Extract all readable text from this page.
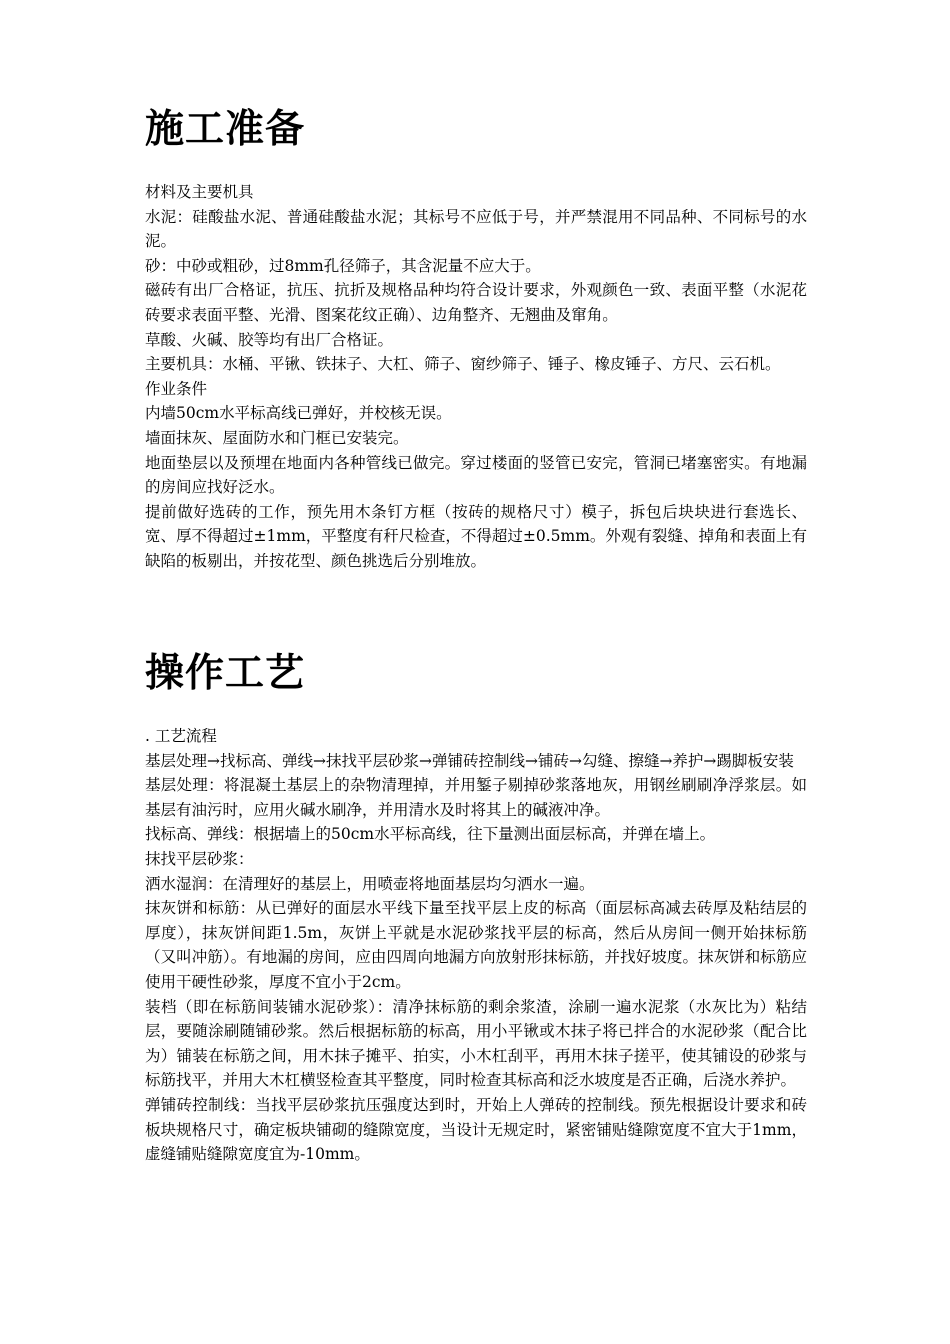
施工准备

材料及主要机具

水泥：硅酸盐水泥、普通硅酸盐水泥；其标号不应低于号，并严禁混用不同品种、不同标号的水泥。

砂：中砂或粗砂，过8mm孔径筛子，其含泥量不应大于。

磁砖有出厂合格证，抗压、抗折及规格品种均符合设计要求，外观颜色一致、表面平整（水泥花砖要求表面平整、光滑、图案花纹正确）、边角整齐、无翘曲及窜角。

草酸、火碱、胶等均有出厂合格证。

主要机具：水桶、平锹、铁抹子、大杠、筛子、窗纱筛子、锤子、橡皮锤子、方尺、云石机。

作业条件

内墙50cm水平标高线已弹好，并校核无误。

墙面抹灰、屋面防水和门框已安装完。

地面垫层以及预埋在地面内各种管线已做完。穿过楼面的竖管已安完，管洞已堵塞密实。有地漏的房间应找好泛水。

提前做好选砖的工作，预先用木条钉方框（按砖的规格尺寸）模子，拆包后块块进行套选长、宽、厚不得超过±1mm，平整度有秆尺检查，不得超过±0.5mm。外观有裂缝、掉角和表面上有缺陷的板剔出，并按花型、颜色挑选后分别堆放。

操作工艺

. 工艺流程

基层处理→找标高、弹线→抹找平层砂浆→弹铺砖控制线→铺砖→勾缝、擦缝→养护→踢脚板安装

基层处理：将混凝土基层上的杂物清理掉，并用錾子剔掉砂浆落地灰，用钢丝刷刷净浮浆层。如基层有油污时，应用火碱水刷净，并用清水及时将其上的碱液冲净。

找标高、弹线：根据墙上的50cm水平标高线，往下量测出面层标高，并弹在墙上。

抹找平层砂浆：

洒水湿润：在清理好的基层上，用喷壶将地面基层均匀洒水一遍。

抹灰饼和标筋：从已弹好的面层水平线下量至找平层上皮的标高（面层标高减去砖厚及粘结层的厚度），抹灰饼间距1.5m，灰饼上平就是水泥砂浆找平层的标高，然后从房间一侧开始抹标筋（又叫冲筋）。有地漏的房间，应由四周向地漏方向放射形抹标筋，并找好坡度。抹灰饼和标筋应使用干硬性砂浆，厚度不宜小于2cm。

装档（即在标筋间装铺水泥砂浆）：清净抹标筋的剩余浆渣，涂刷一遍水泥浆（水灰比为）粘结层，要随涂刷随铺砂浆。然后根据标筋的标高，用小平锹或木抹子将已拌合的水泥砂浆（配合比为）铺装在标筋之间，用木抹子摊平、拍实，小木杠刮平，再用木抹子搓平，使其铺设的砂浆与标筋找平，并用大木杠横竖检查其平整度，同时检查其标高和泛水坡度是否正确，后浇水养护。

弹铺砖控制线：当找平层砂浆抗压强度达到时，开始上人弹砖的控制线。预先根据设计要求和砖板块规格尺寸，确定板块铺砌的缝隙宽度，当设计无规定时，紧密铺贴缝隙宽度不宜大于1mm，虚缝铺贴缝隙宽度宜为-10mm。
